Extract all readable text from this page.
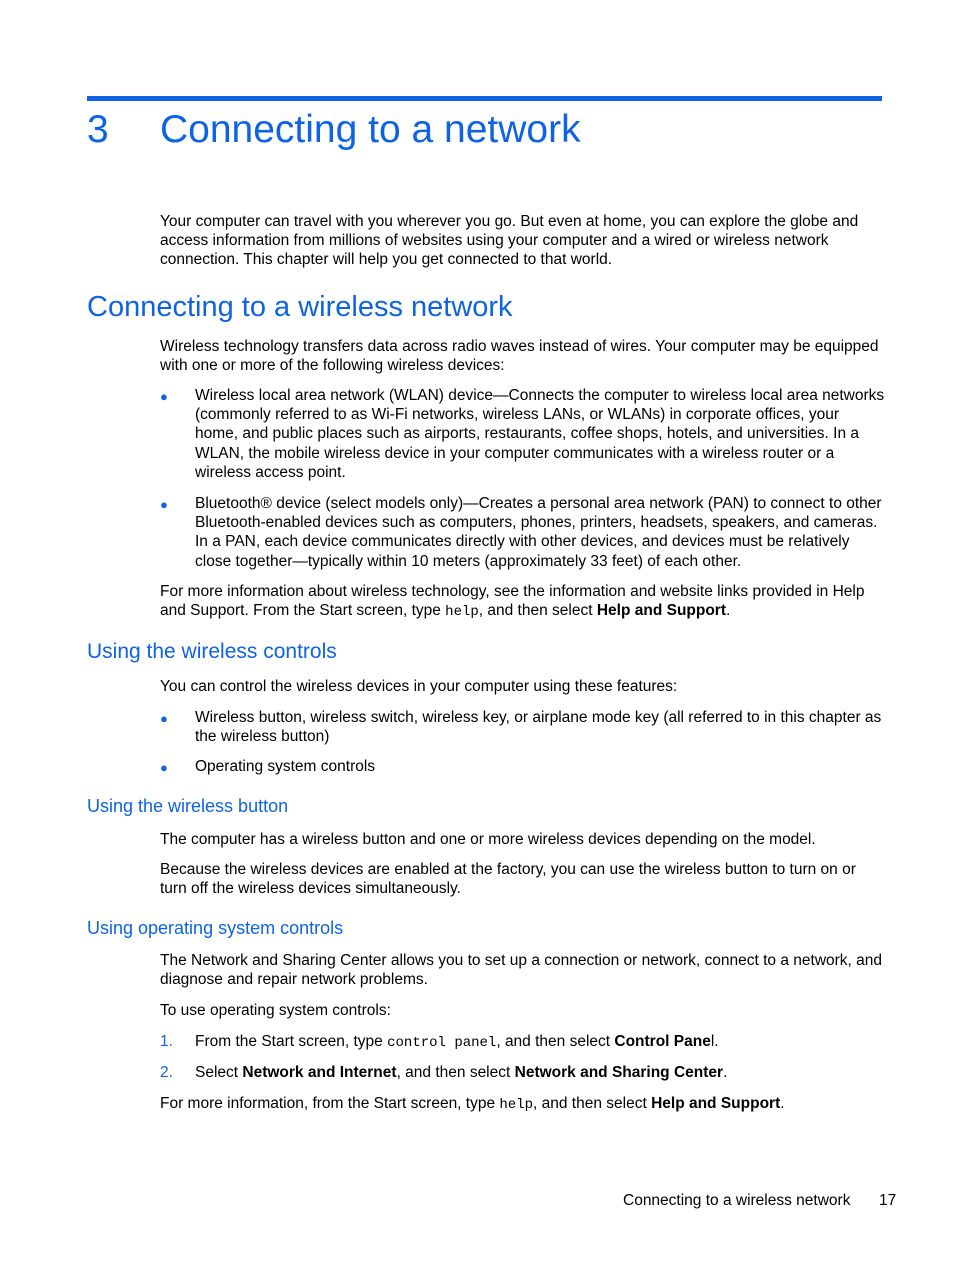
3 Connecting to a network
Your computer can travel with you wherever you go. But even at home, you can explore the globe and access information from millions of websites using your computer and a wired or wireless network connection. This chapter will help you get connected to that world.
Connecting to a wireless network
Wireless technology transfers data across radio waves instead of wires. Your computer may be equipped with one or more of the following wireless devices:
● Wireless local area network (WLAN) device—Connects the computer to wireless local area networks (commonly referred to as Wi-Fi networks, wireless LANs, or WLANs) in corporate offices, your home, and public places such as airports, restaurants, coffee shops, hotels, and universities. In a WLAN, the mobile wireless device in your computer communicates with a wireless router or a wireless access point.
● Bluetooth® device (select models only)—Creates a personal area network (PAN) to connect to other Bluetooth-enabled devices such as computers, phones, printers, headsets, speakers, and cameras. In a PAN, each device communicates directly with other devices, and devices must be relatively close together—typically within 10 meters (approximately 33 feet) of each other.
For more information about wireless technology, see the information and website links provided in Help and Support. From the Start screen, type help, and then select Help and Support.
Using the wireless controls
You can control the wireless devices in your computer using these features:
● Wireless button, wireless switch, wireless key, or airplane mode key (all referred to in this chapter as the wireless button)
● Operating system controls
Using the wireless button
The computer has a wireless button and one or more wireless devices depending on the model.
Because the wireless devices are enabled at the factory, you can use the wireless button to turn on or turn off the wireless devices simultaneously.
Using operating system controls
The Network and Sharing Center allows you to set up a connection or network, connect to a network, and diagnose and repair network problems.
To use operating system controls:
1. From the Start screen, type control panel, and then select Control Panel.
2. Select Network and Internet, and then select Network and Sharing Center.
For more information, from the Start screen, type help, and then select Help and Support.
Connecting to a wireless network 17
